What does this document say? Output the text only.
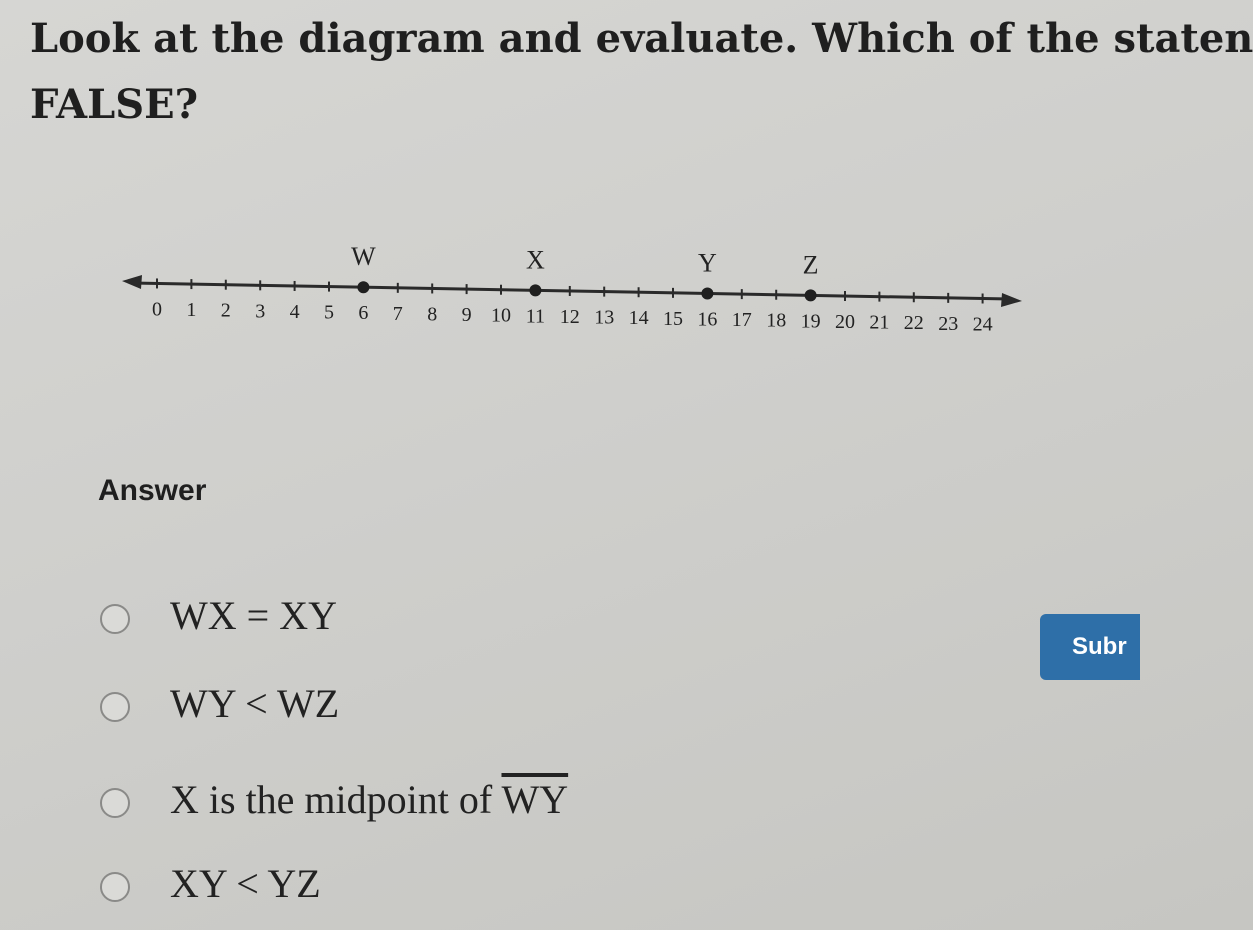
Look at the diagram and evaluate. Which of the staten
FALSE?
0 1 2 3 4 5 6 7 8 9 10 11 12 13 14 15 16 17 18 19 20 21 22 23 24
W	X	Y	Z
Answer
WX = XY
WY < WZ
X is the midpoint of $\overline{WY}$
XY < YZ
Subr
